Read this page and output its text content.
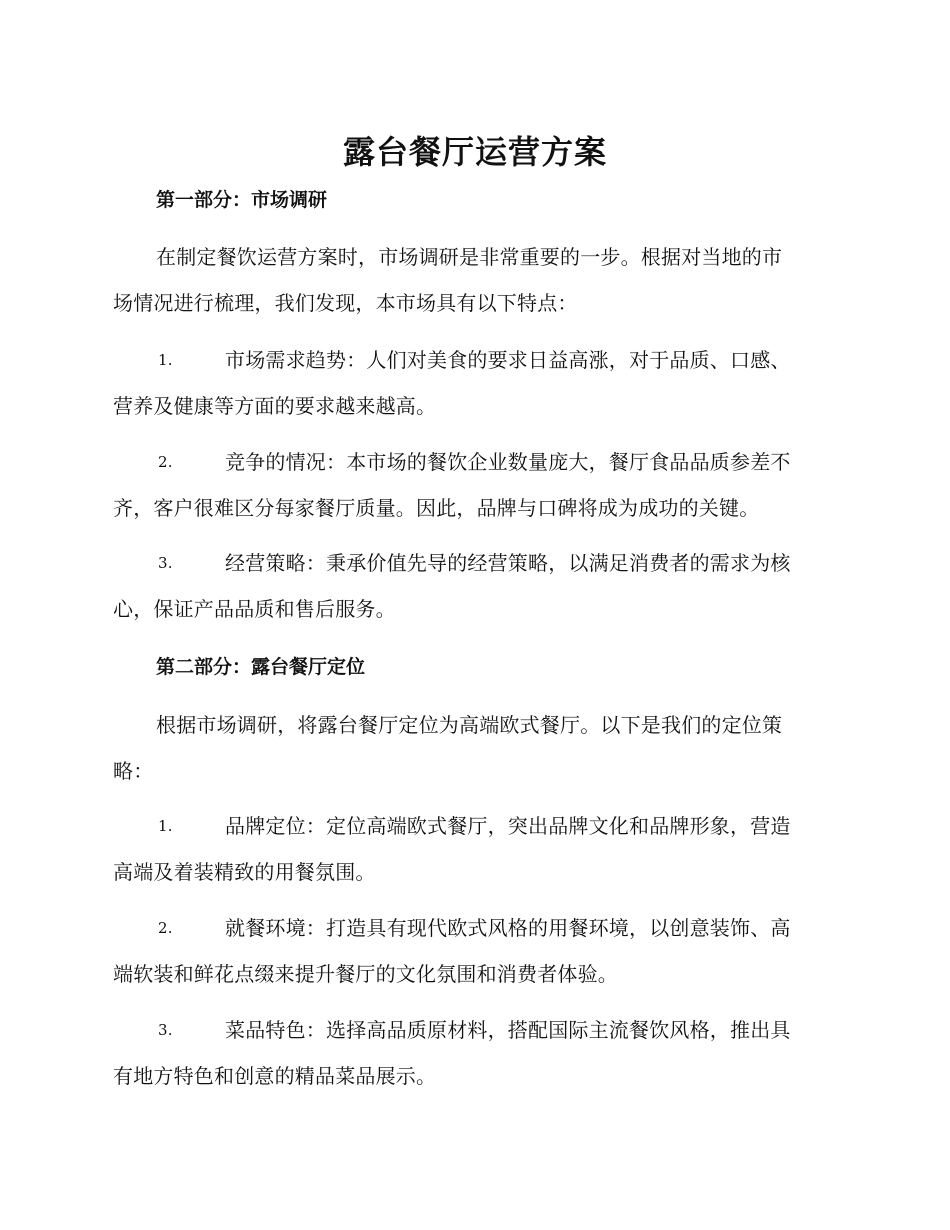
露台餐厅运营方案
第一部分：市场调研
在制定餐饮运营方案时，市场调研是非常重要的一步。根据对当地的市
场情况进行梳理，我们发现，本市场具有以下特点：
1.	市场需求趋势：人们对美食的要求日益高涨，对于品质、口感、
营养及健康等方面的要求越来越高。
2.	竞争的情况：本市场的餐饮企业数量庞大，餐厅食品品质参差不
齐，客户很难区分每家餐厅质量。因此，品牌与口碑将成为成功的关键。
3.	经营策略：秉承价值先导的经营策略，以满足消费者的需求为核
心，保证产品品质和售后服务。
第二部分：露台餐厅定位
根据市场调研，将露台餐厅定位为高端欧式餐厅。以下是我们的定位策
略：
1.	品牌定位：定位高端欧式餐厅，突出品牌文化和品牌形象，营造
高端及着装精致的用餐氛围。
2.	就餐环境：打造具有现代欧式风格的用餐环境，以创意装饰、高
端软装和鲜花点缀来提升餐厅的文化氛围和消费者体验。
3.	菜品特色：选择高品质原材料，搭配国际主流餐饮风格，推出具
有地方特色和创意的精品菜品展示。
